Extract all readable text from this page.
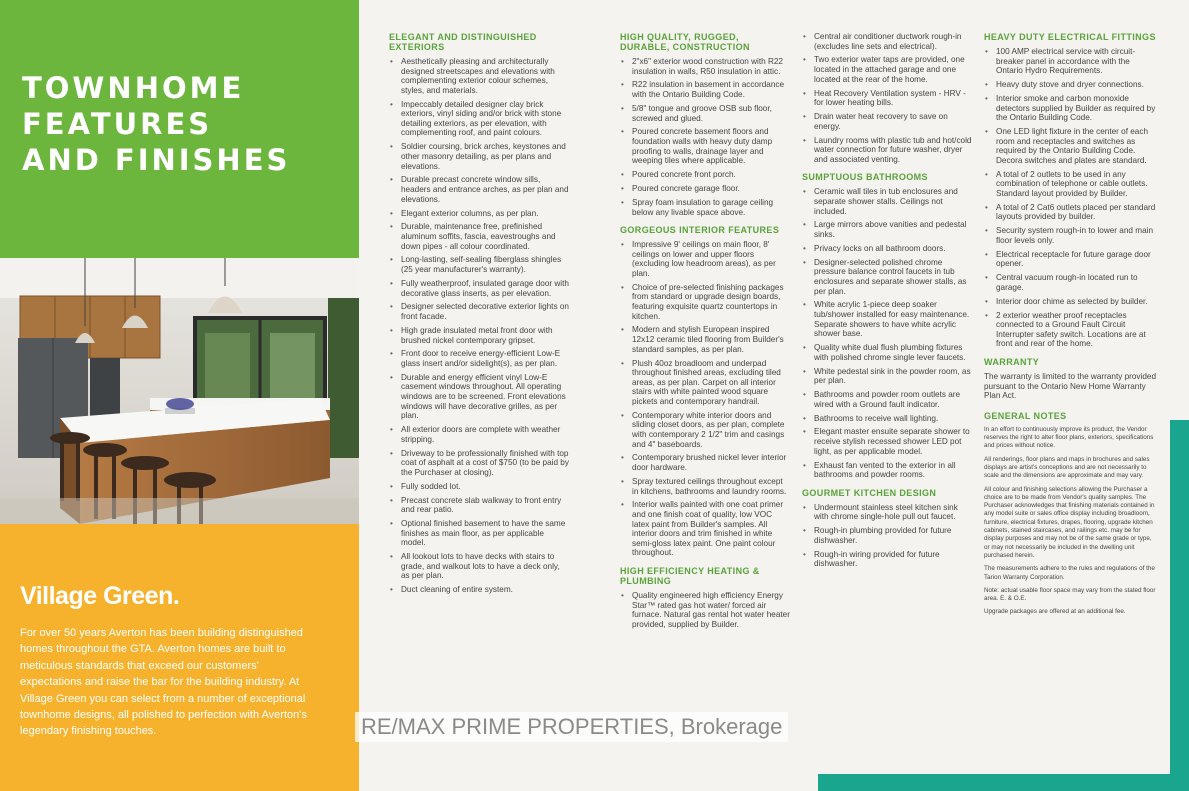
TOWNHOME
FEATURES
AND FINISHES
Village Green.
For over 50 years Averton has been building distinguished homes throughout the GTA. Averton homes are built to meticulous standards that exceed our customers' expectations and raise the bar for the building industry. At Village Green you can select from a number of exceptional townhome designs, all polished to perfection with Averton's legendary finishing touches.
ELEGANT AND DISTINGUISHED EXTERIORS
• Aesthetically pleasing and architecturally designed streetscapes and elevations with complementing exterior colour schemes, styles, and materials.
• Impeccably detailed designer clay brick exteriors, vinyl siding and/or brick with stone detailing exteriors, as per elevation, with complementing roof, and paint colours.
• Soldier coursing, brick arches, keystones and other masonry detailing, as per plans and elevations.
• Durable precast concrete window sills, headers and entrance arches, as per plan and elevations.
• Elegant exterior columns, as per plan.
• Durable, maintenance free, prefinished aluminum soffits, fascia, eavestroughs and down pipes - all colour coordinated.
• Long-lasting, self-sealing fiberglass shingles (25 year manufacturer's warranty).
• Fully weatherproof, insulated garage door with decorative glass inserts, as per elevation.
• Designer selected decorative exterior lights on front facade.
• High grade insulated metal front door with brushed nickel contemporary gripset.
• Front door to receive energy-efficient Low-E glass insert and/or sidelight(s), as per plan.
• Durable and energy efficient vinyl Low-E casement windows throughout. All operating windows are to be screened. Front elevations windows will have decorative grilles, as per plan.
• All exterior doors are complete with weather stripping.
• Driveway to be professionally finished with top coat of asphalt at a cost of $750 (to be paid by the Purchaser at closing).
• Fully sodded lot.
• Precast concrete slab walkway to front entry and rear patio.
• Optional finished basement to have the same finishes as main floor, as per applicable model.
• All lookout lots to have decks with stairs to grade, and walkout lots to have a deck only, as per plan.
• Duct cleaning of entire system.
HIGH QUALITY, RUGGED, DURABLE, CONSTRUCTION
• 2"x6" exterior wood construction with R22 insulation in walls, R50 insulation in attic.
• R22 insulation in basement in accordance with the Ontario Building Code.
• 5/8" tongue and groove OSB sub floor, screwed and glued.
• Poured concrete basement floors and foundation walls with heavy duty damp proofing to walls, drainage layer and weeping tiles where applicable.
• Poured concrete front porch.
• Poured concrete garage floor.
• Spray foam insulation to garage ceiling below any livable space above.
GORGEOUS INTERIOR FEATURES
• Impressive 9' ceilings on main floor, 8' ceilings on lower and upper floors (excluding low headroom areas), as per plan.
• Choice of pre-selected finishing packages from standard or upgrade design boards, featuring exquisite quartz countertops in kitchen.
• Modern and stylish European inspired 12x12 ceramic tiled flooring from Builder's standard samples, as per plan.
• Plush 40oz broadloom and underpad throughout finished areas, excluding tiled areas, as per plan. Carpet on all interior stairs with white painted wood square pickets and contemporary handrail.
• Contemporary white interior doors and sliding closet doors, as per plan, complete with contemporary 2 1/2" trim and casings and 4" baseboards.
• Contemporary brushed nickel lever interior door hardware.
• Spray textured ceilings throughout except in kitchens, bathrooms and laundry rooms.
• Interior walls painted with one coat primer and one finish coat of quality, low VOC latex paint from Builder's samples. All interior doors and trim finished in white semi-gloss latex paint. One paint colour throughout.
HIGH EFFICIENCY HEATING & PLUMBING
• Quality engineered high efficiency Energy Star™ rated gas hot water/ forced air furnace. Natural gas rental hot water heater provided, supplied by Builder.
• Central air conditioner ductwork rough-in (excludes line sets and electrical).
• Two exterior water taps are provided, one located in the attached garage and one located at the rear of the home.
• Heat Recovery Ventilation system - HRV - for lower heating bills.
• Drain water heat recovery to save on energy.
• Laundry rooms with plastic tub and hot/cold water connection for future washer, dryer and associated venting.
SUMPTUOUS BATHROOMS
• Ceramic wall tiles in tub enclosures and separate shower stalls. Ceilings not included.
• Large mirrors above vanities and pedestal sinks.
• Privacy locks on all bathroom doors.
• Designer-selected polished chrome pressure balance control faucets in tub enclosures and separate shower stalls, as per plan.
• White acrylic 1-piece deep soaker tub/shower installed for easy maintenance. Separate showers to have white acrylic shower base.
• Quality white dual flush plumbing fixtures with polished chrome single lever faucets.
• White pedestal sink in the powder room, as per plan.
• Bathrooms and powder room outlets are wired with a Ground fault indicator.
• Bathrooms to receive wall lighting.
• Elegant master ensuite separate shower to receive stylish recessed shower LED pot light, as per applicable model.
• Exhaust fan vented to the exterior in all bathrooms and powder rooms.
GOURMET KITCHEN DESIGN
• Undermount stainless steel kitchen sink with chrome single-hole pull out faucet.
• Rough-in plumbing provided for future dishwasher.
• Rough-in wiring provided for future dishwasher.
HEAVY DUTY ELECTRICAL FITTINGS
• 100 AMP electrical service with circuit-breaker panel in accordance with the Ontario Hydro Requirements.
• Heavy duty stove and dryer connections.
• Interior smoke and carbon monoxide detectors supplied by Builder as required by the Ontario Building Code.
• One LED light fixture in the center of each room and receptacles and switches as required by the Ontario Building Code. Decora switches and plates are standard.
• A total of 2 outlets to be used in any combination of telephone or cable outlets. Standard layout provided by Builder.
• A total of 2 Cat6 outlets placed per standard layouts provided by builder.
• Security system rough-in to lower and main floor levels only.
• Electrical receptacle for future garage door opener.
• Central vacuum rough-in located run to garage.
• Interior door chime as selected by builder.
• 2 exterior weather proof receptacles connected to a Ground Fault Circuit Interrupter safety switch. Locations are at front and rear of the home.
WARRANTY

The warranty is limited to the warranty provided pursuant to the Ontario New Home Warranty Plan Act.

GENERAL NOTES

In an effort to continuously improve its product, the Vendor reserves the right to alter floor plans, exteriors, specifications and prices without notice.

All renderings, floor plans and maps in brochures and sales displays are artist's conceptions and are not necessarily to scale and the dimensions are approximate and may vary.

All colour and finishing selections allowing the Purchaser a choice are to be made from Vendor's quality samples. The Purchaser acknowledges that finishing materials contained in any model suite or sales office display including broadloom, furniture, electrical fixtures, drapes, flooring, upgrade kitchen cabinets, stained staircases, and railings etc. may be for display purposes and may not be of the same grade or type, or may not necessarily be included in the dwelling unit purchased herein.

The measurements adhere to the rules and regulations of the Tarion Warranty Corporation.

Note: actual usable floor space may vary from the stated floor area. E. & O.E.

Upgrade packages are offered at an additional fee.

RE/MAX PRIME PROPERTIES, Brokerage
